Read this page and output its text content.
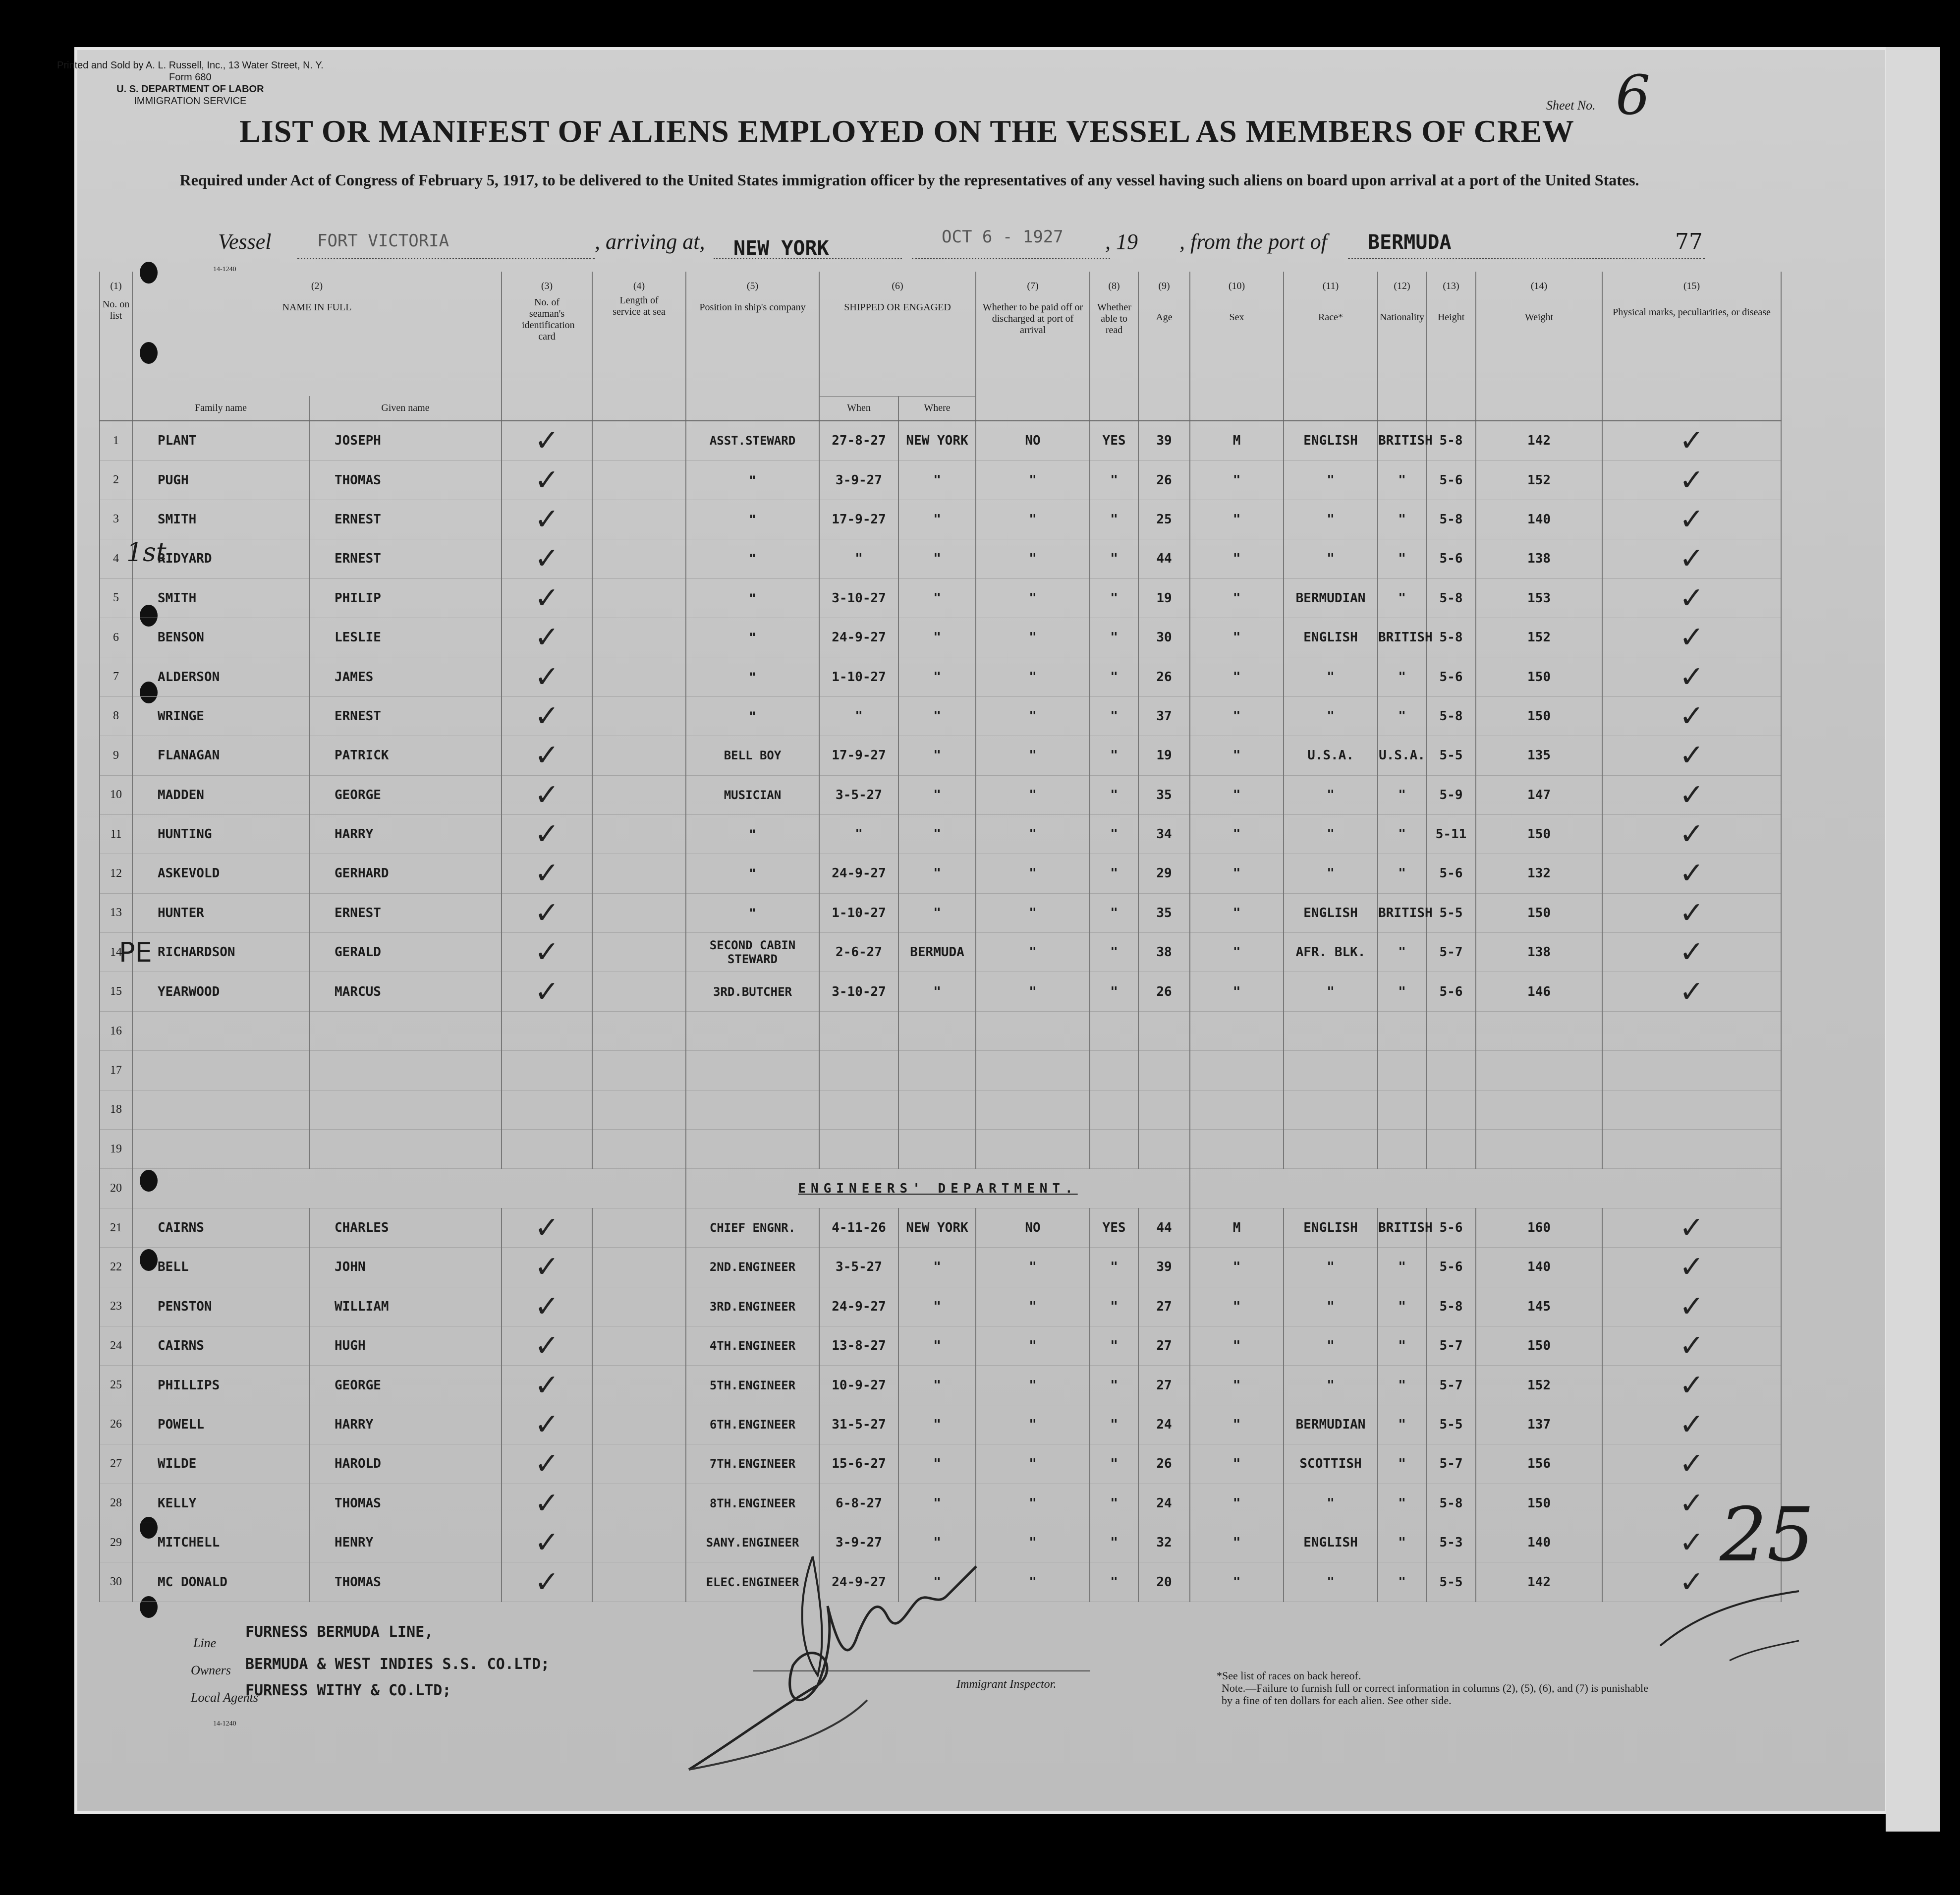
Printed and Sold by A. L. Russell, Inc., 13 Water Street, N. Y.
Form 680
U. S. DEPARTMENT OF LABOR
IMMIGRATION SERVICE	Sheet No. 6
LIST OR MANIFEST OF ALIENS EMPLOYED ON THE VESSEL AS MEMBERS OF CREW
Required under Act of Congress of February 5, 1917, to be delivered to the United States immigration officer by the representatives of any vessel having such aliens on board upon arrival at a port of the United States.
Vessel	FORT VICTORIA	, arriving at, NEW YORK	OCT 6 - 1927 , 19 , from the port of BERMUDA	77
14-1240
(1)	(2)		(3)	(4)	(5)	(6)		(7)	(8)	(9)	(10)	(11)	(12)	(13)	(14)	(15)
No. on list	NAME IN FULL		No. of seaman's identification card	Length of service at sea	Position in ship's company	SHIPPED OR ENGAGED		Whether to be paid off or discharged at port of arrival	Whether able to read	Age	Sex	Race*	Nationality	Height	Weight	Physical marks, peculiarities, or disease
	Family name	Given name				When	Where									
1	PLANT	JOSEPH	✓		ASST.STEWARD	27-8-27	NEW YORK	NO	YES	39	M	ENGLISH	BRITISH	5-8	142	✓
2	PUGH	THOMAS	✓		"	3-9-27	"	"	"	26	"	"	"	5-6	152	✓
3	SMITH	ERNEST	✓		"	17-9-27	"	"	"	25	"	"	"	5-8	140	✓
4	RIDYARD	ERNEST	✓		"	"	"	"	"	44	"	"	"	5-6	138	✓
5	SMITH	PHILIP	✓		"	3-10-27	"	"	"	19	"	BERMUDIAN	"	5-8	153	✓
6	BENSON	LESLIE	✓		"	24-9-27	"	"	"	30	"	ENGLISH	BRITISH	5-8	152	✓
7	ALDERSON	JAMES	✓		"	1-10-27	"	"	"	26	"	"	"	5-6	150	✓
8	WRINGE	ERNEST	✓		"	"	"	"	"	37	"	"	"	5-8	150	✓
9	FLANAGAN	PATRICK	✓		BELL BOY	17-9-27	"	"	"	19	"	U.S.A.	U.S.A.	5-5	135	✓
10	MADDEN	GEORGE	✓		MUSICIAN	3-5-27	"	"	"	35	"	"	"	5-9	147	✓
11	HUNTING	HARRY	✓		"	"	"	"	"	34	"	"	"	5-11	150	✓
12	ASKEVOLD	GERHARD	✓		"	24-9-27	"	"	"	29	"	"	"	5-6	132	✓
13	HUNTER	ERNEST	✓		"	1-10-27	"	"	"	35	"	ENGLISH	BRITISH	5-5	150	✓
14	RICHARDSON	GERALD	✓		SECOND CABIN STEWARD	2-6-27	BERMUDA	"	"	38	"	AFR. BLK.	"	5-7	138	✓
15	YEARWOOD	MARCUS	✓		3RD.BUTCHER	3-10-27	"	"	"	26	"	"	"	5-6	146	✓
16																
17																
18																
19																
20					ENGINEERS' DEPARTMENT.											
21	CAIRNS	CHARLES	✓		CHIEF ENGNR.	4-11-26	NEW YORK	NO	YES	44	M	ENGLISH	BRITISH	5-6	160	✓
22	BELL	JOHN	✓		2ND.ENGINEER	3-5-27	"	"	"	39	"	"	"	5-6	140	✓
23	PENSTON	WILLIAM	✓		3RD.ENGINEER	24-9-27	"	"	"	27	"	"	"	5-8	145	✓
24	CAIRNS	HUGH	✓		4TH.ENGINEER	13-8-27	"	"	"	27	"	"	"	5-7	150	✓
25	PHILLIPS	GEORGE	✓		5TH.ENGINEER	10-9-27	"	"	"	27	"	"	"	5-7	152	✓
26	POWELL	HARRY	✓		6TH.ENGINEER	31-5-27	"	"	"	24	"	BERMUDIAN	"	5-5	137	✓
27	WILDE	HAROLD	✓		7TH.ENGINEER	15-6-27	"	"	"	26	"	SCOTTISH	"	5-7	156	✓
28	KELLY	THOMAS	✓		8TH.ENGINEER	6-8-27	"	"	"	24	"	"	"	5-8	150	✓
29	MITCHELL	HENRY	✓		SANY.ENGINEER	3-9-27	"	"	"	32	"	ENGLISH	"	5-3	140	✓
30	MC DONALD	THOMAS	✓		ELEC.ENGINEER	24-9-27	"	"	"	20	"	"	"	5-5	142	✓
1st
PE
25
Line
FURNESS BERMUDA LINE,
Owners BERMUDA & WEST INDIES S.S. CO.LTD;
Local Agents
FURNESS WITHY & CO.LTD;
14-1240
Immigrant Inspector.
*See list of races on back hereof.
Note.—Failure to furnish full or correct information in columns (2), (5), (6), and (7) is punishable by a fine of ten dollars for each alien. See other side.
